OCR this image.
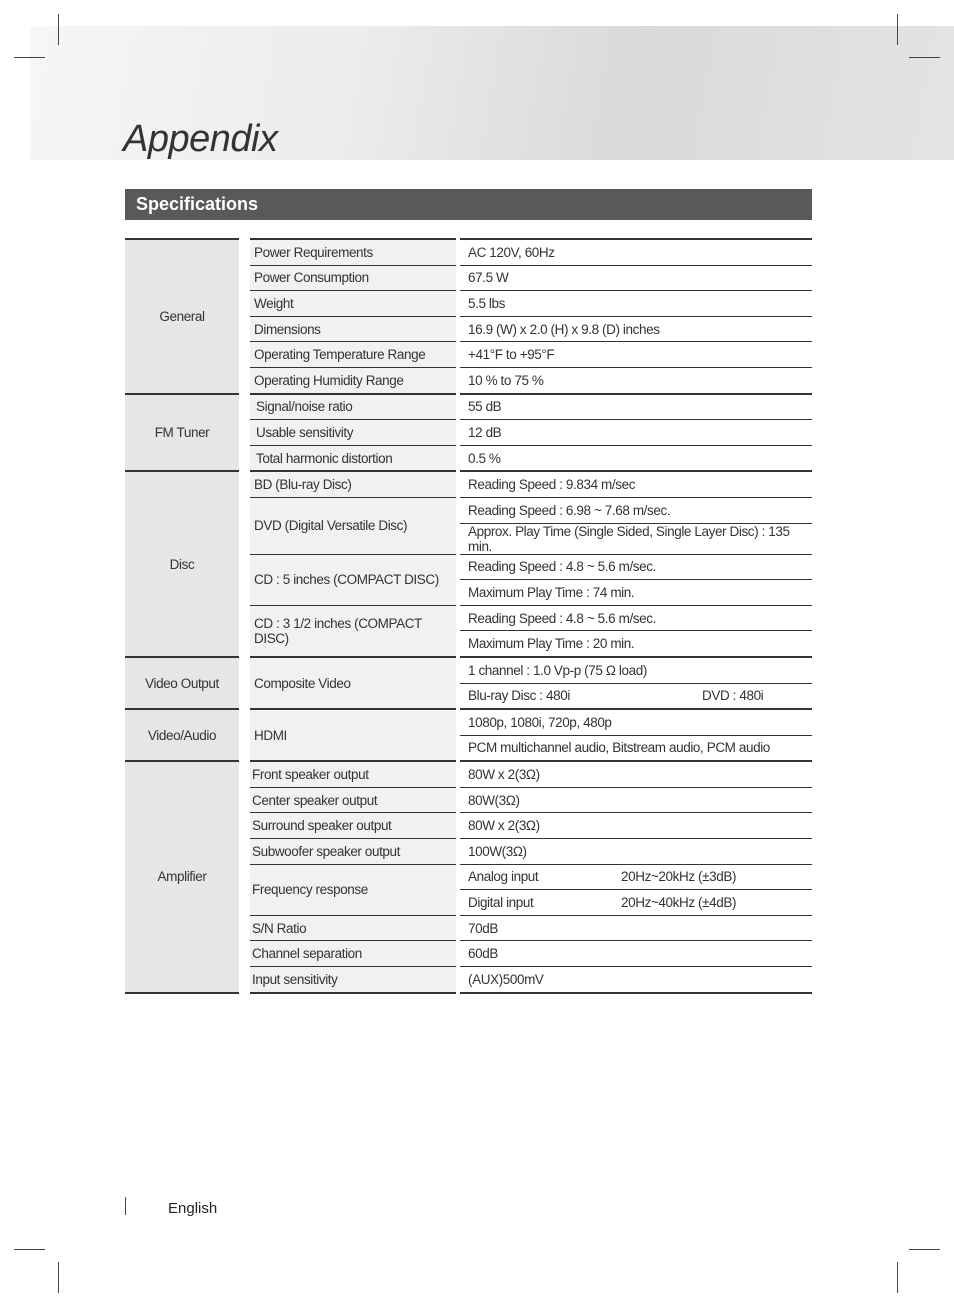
Appendix
Specifications
General		Power Requirements		AC 120V, 60Hz
		Power Consumption		67.5 W
		Weight		5.5 lbs
		Dimensions		16.9 (W) x 2.0 (H) x 9.8 (D) inches
		Operating Temperature Range		+41°F to +95°F
		Operating Humidity Range		10 % to 75 %
FM Tuner		Signal/noise ratio		55 dB
		Usable sensitivity		12 dB
		Total harmonic distortion		0.5 %
Disc		BD (Blu-ray Disc)		Reading Speed : 9.834 m/sec
		DVD (Digital Versatile Disc)		Reading Speed : 6.98 ~ 7.68 m/sec.
				Approx. Play Time (Single Sided, Single Layer Disc) : 135 min.
		CD : 5 inches (COMPACT DISC)		Reading Speed : 4.8 ~ 5.6 m/sec.
				Maximum Play Time : 74 min.
		CD : 3 1/2 inches (COMPACT DISC)		Reading Speed : 4.8 ~ 5.6 m/sec.
				Maximum Play Time : 20 min.
Video Output		Composite Video		1 channel : 1.0 Vp-p (75 Ω load)

				Blu-ray Disc : 480i DVD : 480i

Video/Audio		HDMI		1080p, 1080i, 720p, 480p
				PCM multichannel audio, Bitstream audio, PCM audio
Amplifier		Front speaker output		80W x 2(3Ω)
		Center speaker output		80W(3Ω)
		Surround speaker output		80W x 2(3Ω)
		Subwoofer speaker output		100W(3Ω)
		Frequency response		Analog input 20Hz~20kHz (±3dB)

				Digital input 20Hz~40kHz (±4dB)

		S/N Ratio		70dB
		Channel separation		60dB
		Input sensitivity		(AUX)500mV
English
